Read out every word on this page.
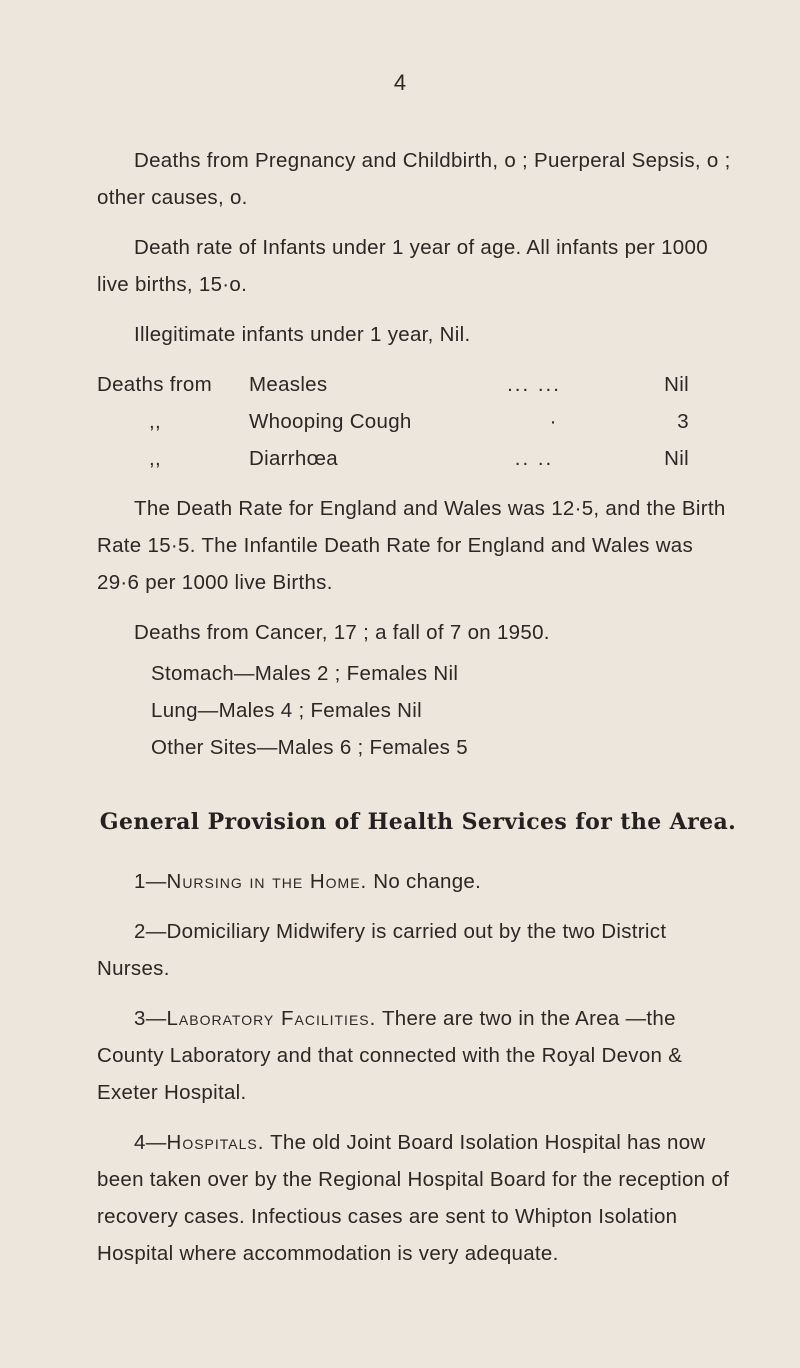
4

Deaths from Pregnancy and Childbirth, o ; Puerperal Sepsis, o ; other causes, o.

Death rate of Infants under 1 year of age. All infants per 1000 live births, 15·o.

Illegitimate infants under 1 year, Nil.

Deaths from	Measles	... ...	Nil
,,	Whooping Cough	·	3
,,	Diarrhœa	.. ..	Nil

The Death Rate for England and Wales was 12·5, and the Birth Rate 15·5. The Infantile Death Rate for England and Wales was 29·6 per 1000 live Births.

Deaths from Cancer, 17 ; a fall of 7 on 1950.

Stomach—Males 2 ; Females Nil
Lung—Males 4 ; Females Nil
Other Sites—Males 6 ; Females 5
General Provision of Health Services for the Area.

1—Nursing in the Home. No change.

2—Domiciliary Midwifery is carried out by the two District Nurses.

3—Laboratory Facilities. There are two in the Area —the County Laboratory and that connected with the Royal Devon & Exeter Hospital.

4—Hospitals. The old Joint Board Isolation Hospital has now been taken over by the Regional Hospital Board for the reception of recovery cases. Infectious cases are sent to Whipton Isolation Hospital where accommodation is very adequate.
